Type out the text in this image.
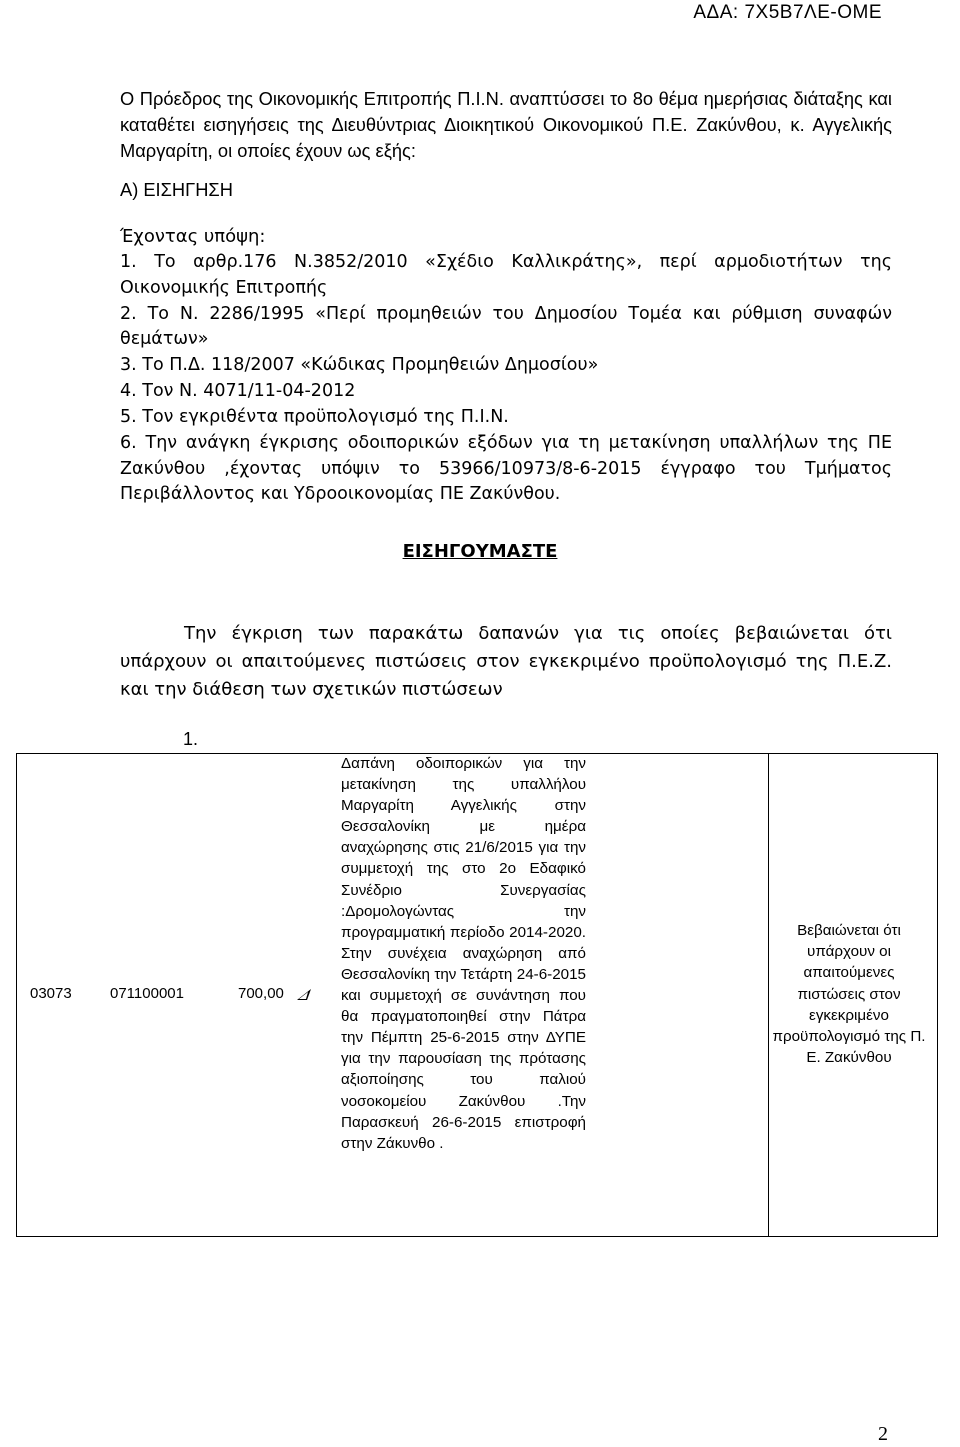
ΑΔΑ: 7Χ5Β7ΛΕ-ΟΜΕ

Ο Πρόεδρος της Οικονομικής Επιτροπής Π.Ι.Ν. αναπτύσσει το 8ο θέμα ημερήσιας διάταξης και καταθέτει εισηγήσεις της Διευθύντριας Διοικητικού Οικονομικού Π.Ε. Ζακύνθου, κ. Αγγελικής Μαργαρίτη, οι οποίες έχουν ως εξής:

Α) ΕΙΣΗΓΗΣΗ

Έχοντας υπόψη:

1. Το αρθρ.176 Ν.3852/2010 «Σχέδιο Καλλικράτης», περί αρμοδιοτήτων της Οικονομικής Επιτροπής
2. Το Ν. 2286/1995 «Περί προμηθειών του Δημοσίου Τομέα και ρύθμιση συναφών θεμάτων»
3. Το Π.Δ. 118/2007 «Κώδικας Προμηθειών Δημοσίου»
4. Τον Ν. 4071/11-04-2012
5. Τον εγκριθέντα προϋπολογισμό της Π.Ι.Ν.
6. Την ανάγκη έγκρισης οδοιπορικών εξόδων για τη μετακίνηση υπαλλήλων της ΠΕ Ζακύνθου ,έχοντας υπόψιν το 53966/10973/8-6-2015 έγγραφο του Τμήματος Περιβάλλοντος και Υδροοικονομίας ΠΕ Ζακύνθου.

ΕΙΣΗΓΟΥΜΑΣΤΕ

Την έγκριση των παρακάτω δαπανών για τις οποίες βεβαιώνεται ότι υπάρχουν οι απαιτούμενες πιστώσεις στον εγκεκριμένο προϋπολογισμό της Π.Ε.Ζ. και την διάθεση των σχετικών πιστώσεων

1.
03073	071100001	700,00

Δαπάνη οδοιπορικών για την μετακίνηση της υπαλλήλου Μαργαρίτη Αγγελικής στην Θεσσαλονίκη με ημέρα αναχώρησης στις 21/6/2015 για την συμμετοχή της στο 2ο Εδαφικό Συνέδριο Συνεργασίας :Δρομολογώντας την προγραμματική περίοδο 2014-2020. Στην συνέχεια αναχώρηση από Θεσσαλονίκη την Τετάρτη 24-6-2015 και συμμετοχή σε συνάντηση που θα πραγματοποιηθεί στην Πάτρα την Πέμπτη 25-6-2015 στην ΔΥΠΕ για την παρουσίαση της πρότασης αξιοποίησης του παλιού νοσοκομείου Ζακύνθου .Την Παρασκευή 26-6-2015 επιστροφή στην Ζάκυνθο .

Βεβαιώνεται ότι υπάρχουν οι απαιτούμενες πιστώσεις στον εγκεκριμένο προϋπολογισμό της Π. Ε. Ζακύνθου

2
